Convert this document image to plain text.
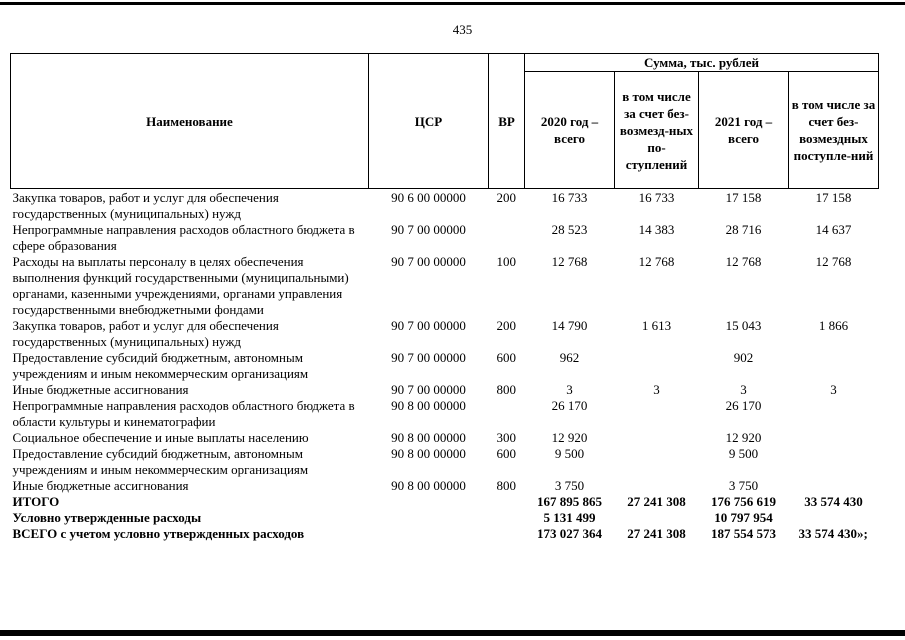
435
Наименование	ЦСР	ВР	Сумма, тыс. рублей			
			2020 год – всего	в том числе за счет без-возмезд-ных по-ступлений	2021 год – всего	в том числе за счет без-возмездных поступле-ний
Закупка товаров, работ и услуг для обеспечения государственных (муниципальных) нужд	90 6 00 00000	200	16 733	16 733	17 158	17 158
Непрограммные направления расходов областного бюджета в сфере образования	90 7 00 00000		28 523	14 383	28 716	14 637
Расходы на выплаты персоналу в целях обеспечения выполнения функций государственными (муниципальными) органами, казенными учреждениями, органами управления государственными внебюджетными фондами	90 7 00 00000	100	12 768	12 768	12 768	12 768
Закупка товаров, работ и услуг для обеспечения государственных (муниципальных) нужд	90 7 00 00000	200	14 790	1 613	15 043	1 866
Предоставление субсидий бюджетным, автономным учреждениям и иным некоммерческим организациям	90 7 00 00000	600	962		902	
Иные бюджетные ассигнования	90 7 00 00000	800	3	3	3	3
Непрограммные направления расходов областного бюджета в области культуры и кинематографии	90 8 00 00000		26 170		26 170	
Социальное обеспечение и иные выплаты населению	90 8 00 00000	300	12 920		12 920	
Предоставление субсидий бюджетным, автономным учреждениям и иным некоммерческим организациям	90 8 00 00000	600	9 500		9 500	
Иные бюджетные ассигнования	90 8 00 00000	800	3 750		3 750	
ИТОГО			167 895 865	27 241 308	176 756 619	33 574 430
Условно утвержденные расходы			5 131 499		10 797 954	
ВСЕГО с учетом условно утвержденных расходов			173 027 364	27 241 308	187 554 573	33 574 430»;
